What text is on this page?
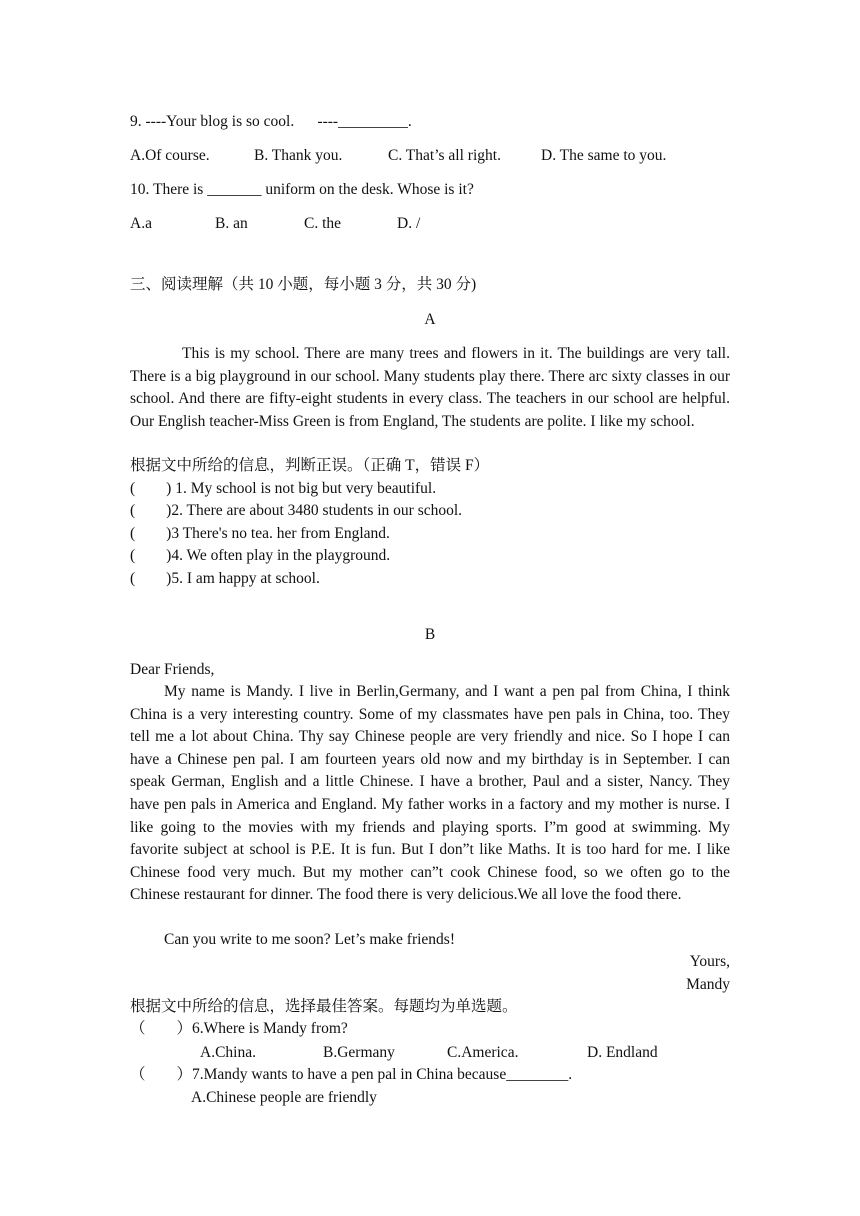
9. ----Your blog is so cool.      ----_________.
A.Of course.	B. Thank you.	C. That’s all right.	D. The same to you.
10. There is _______ uniform on the desk. Whose is it?
A.a	B. an	C. the	D. /
三、阅读理解（共 10 小题，每小题 3 分，共 30 分)
A

This is my school. There are many trees and flowers in it. The buildings are very tall. There is a big playground in our school. Many students play there. There arc sixty classes in our school. And there are fifty-eight students in every class. The teachers in our school are helpful. Our English teacher-Miss Green is from England, The students are polite. I like my school.

根据文中所给的信息，判断正误。（正确 T，错误 F）
(        ) 1. My school is not big but very beautiful.
(        )2. There are about 3480 students in our school.
(        )3 There's no tea. her from England.
(        )4. We often play in the playground.
(        )5. I am happy at school.
B
Dear Friends,

My name is Mandy. I live in Berlin,Germany, and I want a pen pal from China, I think China is a very interesting country. Some of my classmates have pen pals in China, too. They tell me a lot about China. Thy say Chinese people are very friendly and nice. So I hope I can have a Chinese pen pal. I am fourteen years old now and my birthday is in September. I can speak German, English and a little Chinese. I have a brother, Paul and a sister, Nancy. They have pen pals in America and England. My father works in a factory and my mother is nurse. I like going to the movies with my friends and playing sports. I”m good at swimming. My favorite subject at school is P.E. It is fun. But I don”t like Maths. It is too hard for me. I like Chinese food very much. But my mother can”t cook Chinese food, so we often go to the Chinese restaurant for dinner. The food there is very delicious.We all love the food there.

Can you write to me soon? Let’s make friends!
Yours,
Mandy
根据文中所给的信息，选择最佳答案。每题均为单选题。
（        ）6.Where is Mandy from?
A.China.	B.Germany	C.America.	D. Endland
（        ）7.Mandy wants to have a pen pal in China because________.
A.Chinese people are friendly
